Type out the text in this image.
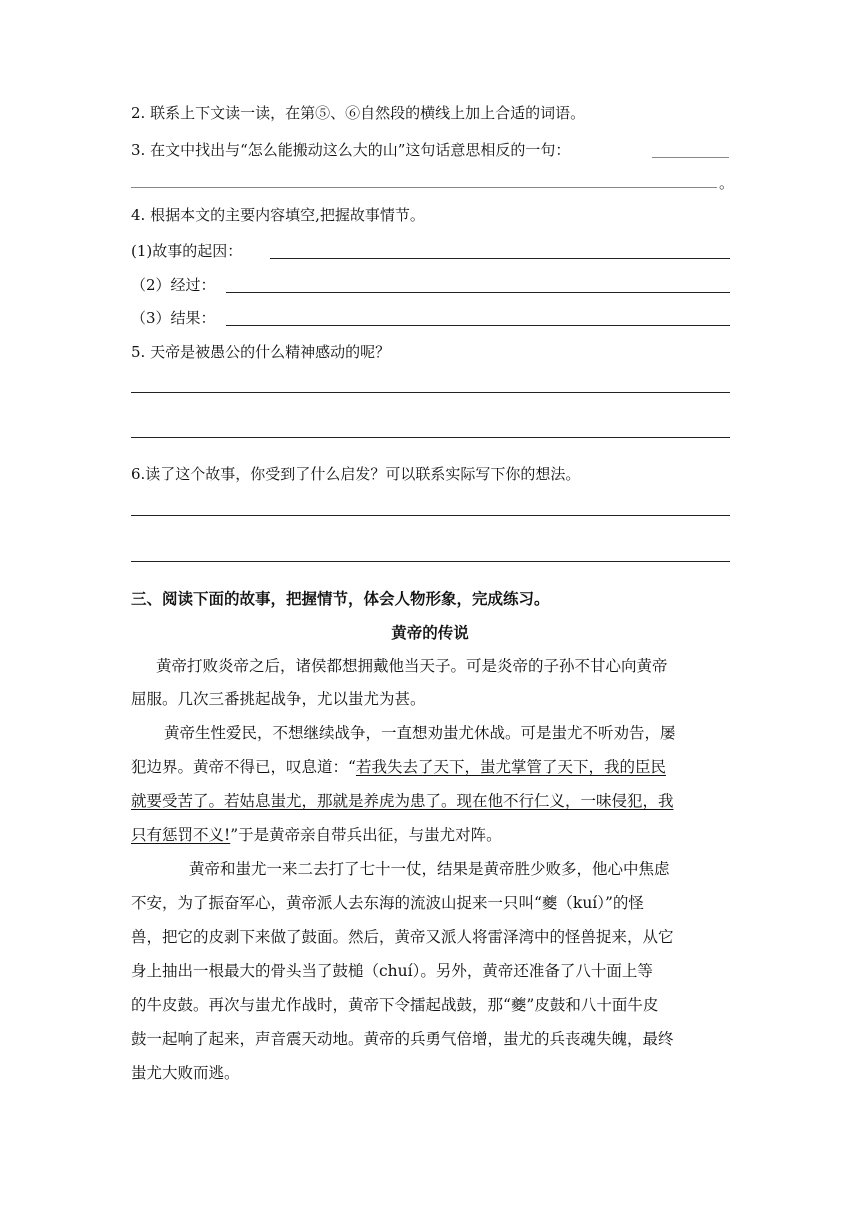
2. 联系上下文读一读，在第⑤、⑥自然段的横线上加上合适的词语。
3. 在文中找出与“怎么能搬动这么大的山”这句话意思相反的一句：
。
4. 根据本文的主要内容填空,把握故事情节。
(1)故事的起因：
（2）经过：
（3）结果：
5. 天帝是被愚公的什么精神感动的呢？
6.读了这个故事，你受到了什么启发？可以联系实际写下你的想法。
三、阅读下面的故事，把握情节，体会人物形象，完成练习。
黄帝的传说
黄帝打败炎帝之后，诸侯都想拥戴他当天子。可是炎帝的子孙不甘心向黄帝
屈服。几次三番挑起战争，尤以蚩尤为甚。
黄帝生性爱民，不想继续战争，一直想劝蚩尤休战。可是蚩尤不听劝告，屡
犯边界。黄帝不得已，叹息道：“若我失去了天下，蚩尤掌管了天下，我的臣民
就要受苦了。若姑息蚩尤，那就是养虎为患了。现在他不行仁义，一味侵犯，我
只有惩罚不义!”于是黄帝亲自带兵出征，与蚩尤对阵。
黄帝和蚩尤一来二去打了七十一仗，结果是黄帝胜少败多，他心中焦虑
不安，为了振奋军心，黄帝派人去东海的流波山捉来一只叫“夔（kuí）”的怪
兽，把它的皮剥下来做了鼓面。然后，黄帝又派人将雷泽湾中的怪兽捉来，从它
身上抽出一根最大的骨头当了鼓槌（chuí）。另外，黄帝还准备了八十面上等
的牛皮鼓。再次与蚩尤作战时，黄帝下令擂起战鼓，那“夔”皮鼓和八十面牛皮
鼓一起响了起来，声音震天动地。黄帝的兵勇气倍增，蚩尤的兵丧魂失魄，最终
蚩尤大败而逃。
